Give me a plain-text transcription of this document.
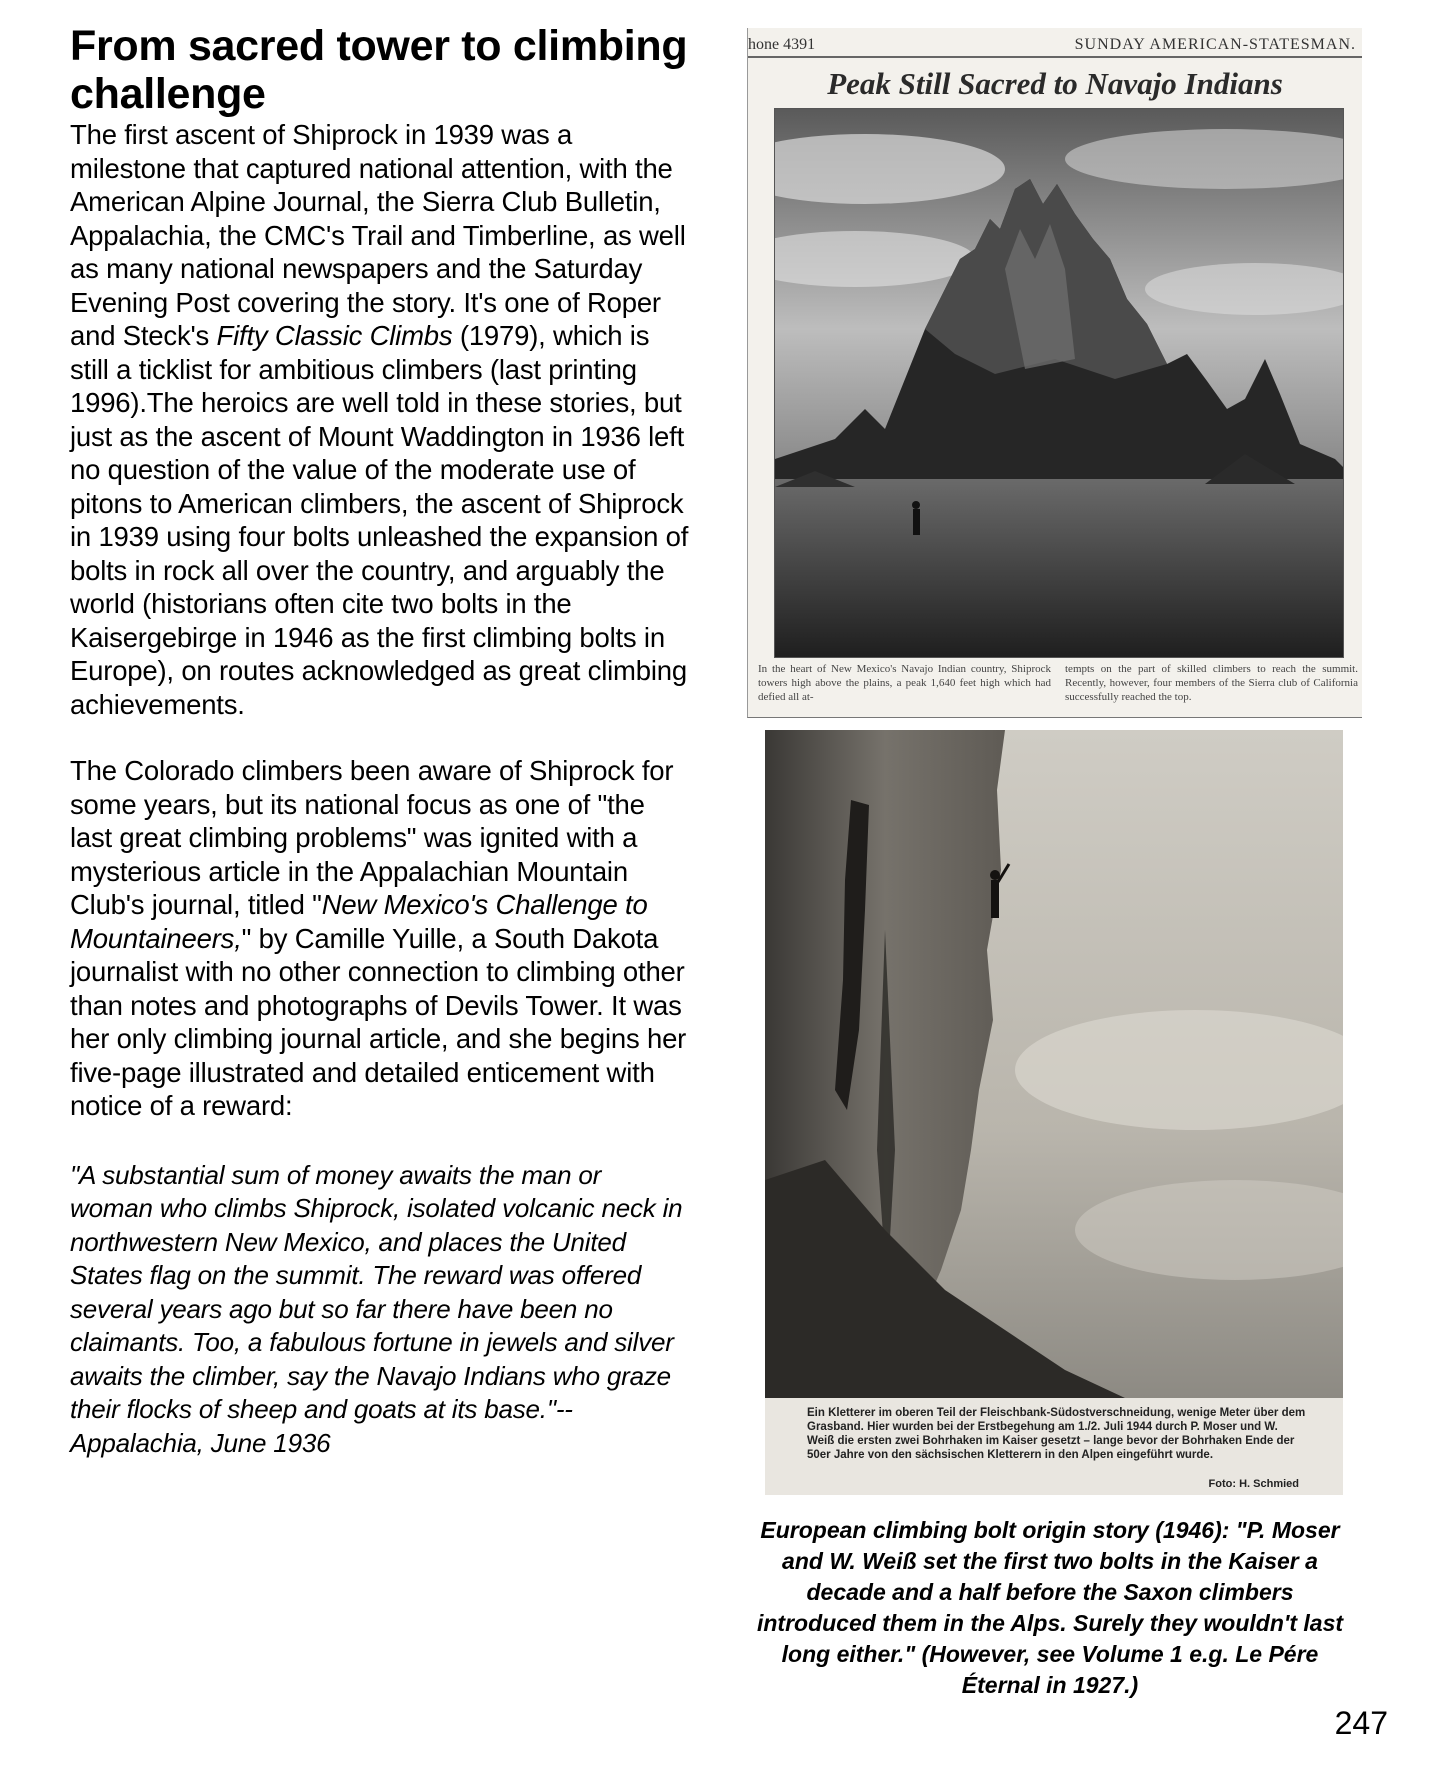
From sacred tower to climbing challenge

The first ascent of Shiprock in 1939 was a milestone that captured national attention, with the American Alpine Journal, the Sierra Club Bulletin, Appalachia, the CMC's Trail and Timberline, as well as many national newspapers and the Saturday Evening Post covering the story. It's one of Roper and Steck's Fifty Classic Climbs (1979), which is still a ticklist for ambitious climbers (last printing 1996).The heroics are well told in these stories, but just as the ascent of Mount Waddington in 1936 left no question of the value of the moderate use of pitons to American climbers, the ascent of Shiprock in 1939 using four bolts unleashed the expansion of bolts in rock all over the country, and arguably the world (historians often cite two bolts in the Kaisergebirge in 1946 as the first climbing bolts in Europe), on routes acknowledged as great climbing achievements.

The Colorado climbers been aware of Shiprock for some years, but its national focus as one of "the last great climbing problems" was ignited with a mysterious article in the Appalachian Mountain Club's journal, titled "New Mexico's Challenge to Mountaineers," by Camille Yuille, a South Dakota journalist with no other connection to climbing other than notes and photographs of Devils Tower. It was her only climbing journal article, and she begins her five-page illustrated and detailed enticement with notice of a reward:

"A substantial sum of money awaits the man or woman who climbs Shiprock, isolated volcanic neck in northwestern New Mexico, and places the United States flag on the summit. The reward was offered several years ago but so far there have been no claimants. Too, a fabulous fortune in jewels and silver awaits the climber, say the Navajo Indians who graze their flocks of sheep and goats at its base."--Appalachia, June 1936

hone 4391	SUNDAY AMERICAN-STATESMAN.
Peak Still Sacred to Navajo Indians
In the heart of New Mexico's Navajo Indian country, Shiprock towers high above the plains, a peak 1,640 feet high which had defied all at-
tempts on the part of skilled climbers to reach the summit. Recently, however, four members of the Sierra club of California successfully reached the top.
Ein Kletterer im oberen Teil der Fleischbank-Südostverschneidung, wenige Meter über dem Grasband. Hier wurden bei der Erstbegehung am 1./2. Juli 1944 durch P. Moser und W. Weiß die ersten zwei Bohrhaken im Kaiser gesetzt – lange bevor der Bohrhaken Ende der 50er Jahre von den sächsischen Kletterern in den Alpen eingeführt wurde.
Foto: H. Schmied
European climbing bolt origin story (1946): "P. Moser and W. Weiß set the first two bolts in the Kaiser a decade and a half before the Saxon climbers introduced them in the Alps. Surely they wouldn't last long either." (However, see Volume 1 e.g. Le Pére Éternal in 1927.)
247
